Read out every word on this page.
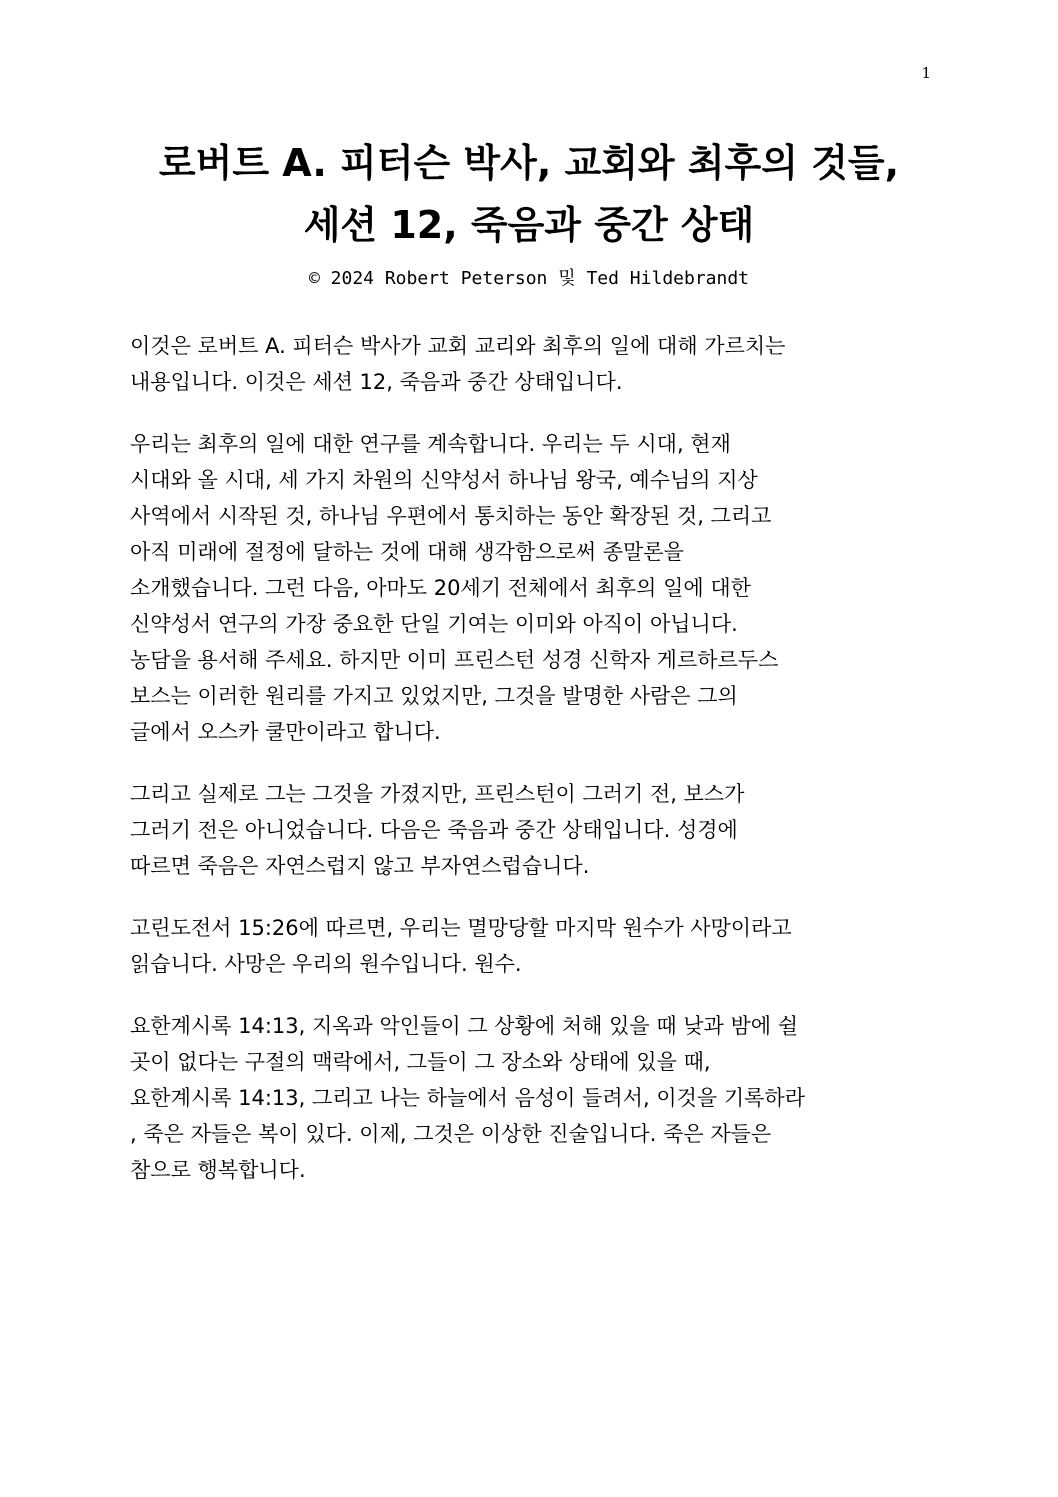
1
로버트 A. 피터슨 박사, 교회와 최후의 것들,
세션 12, 죽음과 중간 상태
© 2024 Robert Peterson 및 Ted Hildebrandt

이것은 로버트 A. 피터슨 박사가 교회 교리와 최후의 일에 대해 가르치는
내용입니다. 이것은 세션 12, 죽음과 중간 상태입니다.

우리는 최후의 일에 대한 연구를 계속합니다. 우리는 두 시대, 현재
시대와 올 시대, 세 가지 차원의 신약성서 하나님 왕국, 예수님의 지상
사역에서 시작된 것, 하나님 우편에서 통치하는 동안 확장된 것, 그리고
아직 미래에 절정에 달하는 것에 대해 생각함으로써 종말론을
소개했습니다. 그런 다음, 아마도 20세기 전체에서 최후의 일에 대한
신약성서 연구의 가장 중요한 단일 기여는 이미와 아직이 아닙니다.
농담을 용서해 주세요. 하지만 이미 프린스턴 성경 신학자 게르하르두스
보스는 이러한 원리를 가지고 있었지만, 그것을 발명한 사람은 그의
글에서 오스카 쿨만이라고 합니다.

그리고 실제로 그는 그것을 가졌지만, 프린스턴이 그러기 전, 보스가
그러기 전은 아니었습니다. 다음은 죽음과 중간 상태입니다. 성경에
따르면 죽음은 자연스럽지 않고 부자연스럽습니다.

고린도전서 15:26에 따르면, 우리는 멸망당할 마지막 원수가 사망이라고
읽습니다. 사망은 우리의 원수입니다. 원수.

요한계시록 14:13, 지옥과 악인들이 그 상황에 처해 있을 때 낮과 밤에 쉴
곳이 없다는 구절의 맥락에서, 그들이 그 장소와 상태에 있을 때,
요한계시록 14:13, 그리고 나는 하늘에서 음성이 들려서, 이것을 기록하라
, 죽은 자들은 복이 있다. 이제, 그것은 이상한 진술입니다. 죽은 자들은
참으로 행복합니다.
